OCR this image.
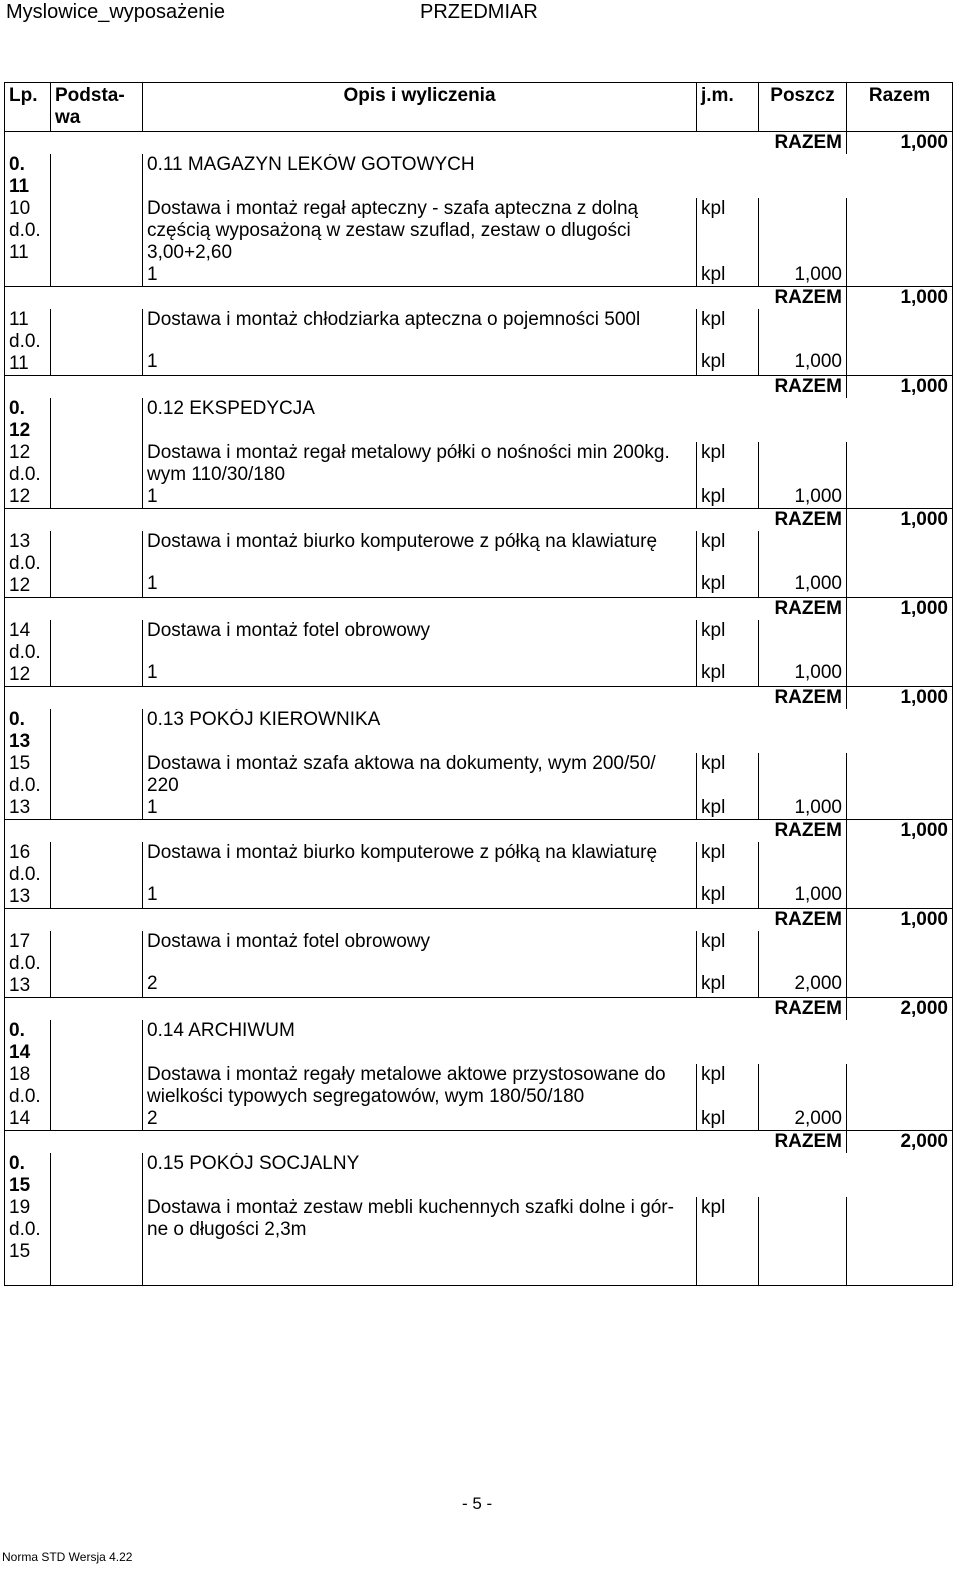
Myslowice_wyposażenie	PRZEDMIAR
Lp.	Podsta- wa	Opis i wyliczenia	j.m.	Poszcz	Razem
RAZEM					1,000
0. 11		0.11 MAGAZYN LEKÓW GOTOWYCH			
10 d.0. 11		Dostawa i montaż regał apteczny - szafa apteczna z dolną częścią wyposażoną w zestaw szuflad, zestaw o dlugości 3,00+2,60	kpl		
		1	kpl	1,000	
RAZEM					1,000
11 d.0. 11		Dostawa i montaż chłodziarka apteczna o pojemności 500l	kpl		
		1	kpl	1,000	
RAZEM					1,000
0. 12		0.12 EKSPEDYCJA			
12 d.0. 12		Dostawa i montaż regał metalowy półki o nośności min 200kg. wym 110/30/180	kpl		
		1	kpl	1,000	
RAZEM					1,000
13 d.0. 12		Dostawa i montaż biurko komputerowe z półką na klawiaturę	kpl		
		1	kpl	1,000	
RAZEM					1,000
14 d.0. 12		Dostawa i montaż fotel obrowowy	kpl		
		1	kpl	1,000	
RAZEM					1,000
0. 13		0.13 POKÓJ KIEROWNIKA			
15 d.0. 13		Dostawa i montaż szafa aktowa na dokumenty, wym 200/50/ 220	kpl		
		1	kpl	1,000	
RAZEM					1,000
16 d.0. 13		Dostawa i montaż biurko komputerowe z półką na klawiaturę	kpl		
		1	kpl	1,000	
RAZEM					1,000
17 d.0. 13		Dostawa i montaż fotel obrowowy	kpl		
		2	kpl	2,000	
RAZEM					2,000
0. 14		0.14 ARCHIWUM			
18 d.0. 14		Dostawa i montaż regały metalowe aktowe przystosowane do wielkości typowych segregatowów, wym 180/50/180	kpl		
		2	kpl	2,000	
RAZEM					2,000
0. 15		0.15 POKÓJ SOCJALNY			
19 d.0. 15		Dostawa i montaż zestaw mebli kuchennych szafki dolne i gór- ne o długości 2,3m	kpl		
- 5 -
Norma STD Wersja 4.22
